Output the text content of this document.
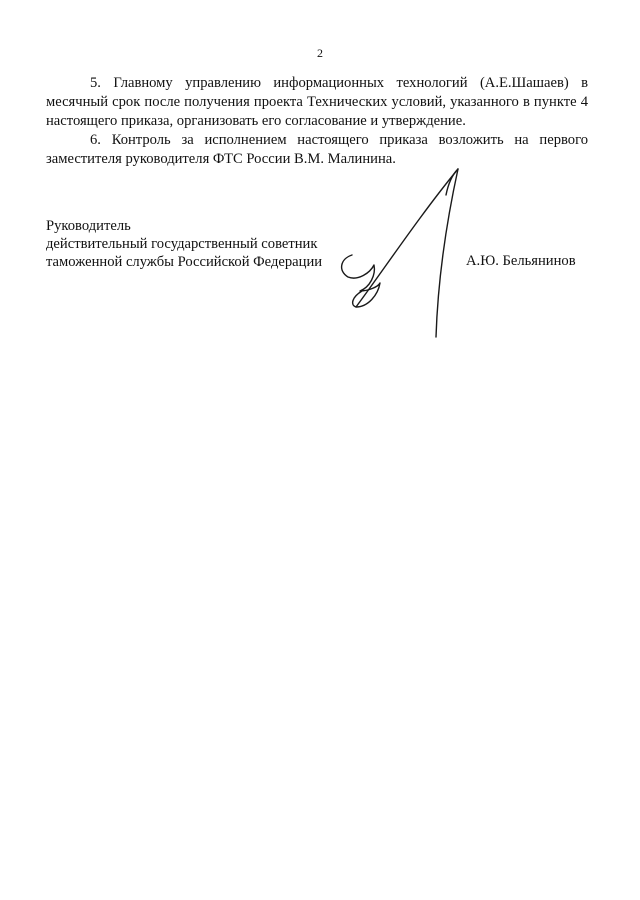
2

5. Главному управлению информационных технологий (А.Е.Шашаев) в месячный срок после получения проекта Технических условий, указанного в пункте 4 настоящего приказа, организовать его согласование и утверждение.

6. Контроль за исполнением настоящего приказа возложить на первого заместителя руководителя ФТС России В.М. Малинина.

Руководитель
действительный государственный советник
таможенной службы Российской Федерации	А.Ю. Бельянинов
